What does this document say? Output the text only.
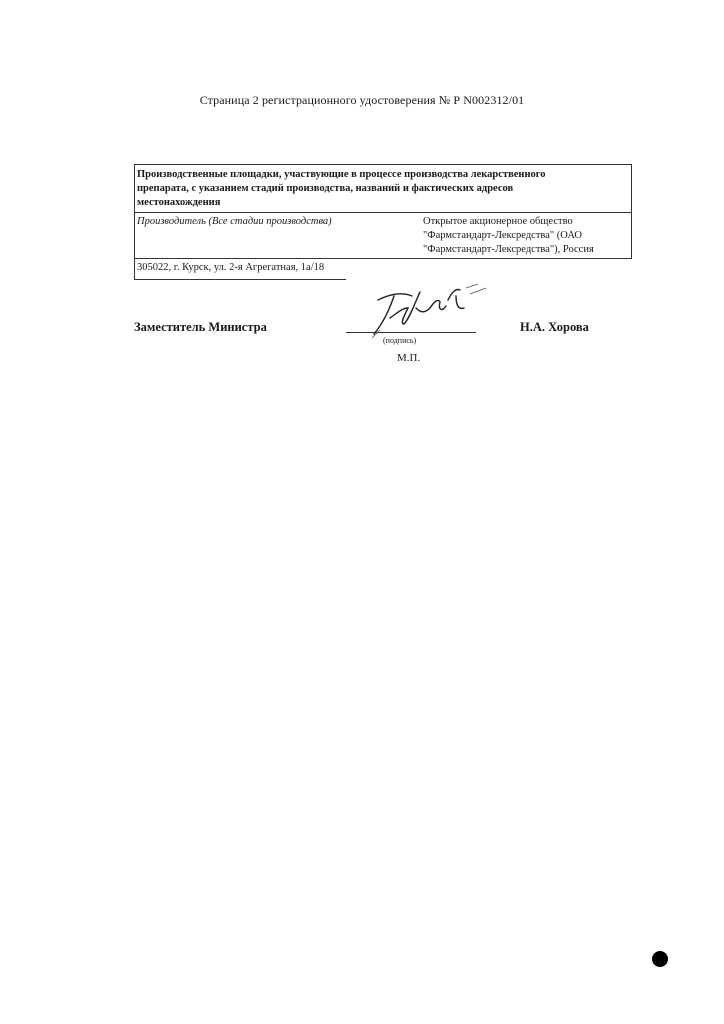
Страница 2 регистрационного удостоверения № Р N002312/01
Производственные площадки, участвующие в процессе производства лекарственного
препарата, с указанием стадий производства, названий и фактических адресов
местонахождения
Производитель (Все стадии производства)	Открытое акционерное общество
"Фармстандарт-Лексредства" (ОАО
"Фармстандарт-Лексредства"), Россия
305022, г. Курск, ул. 2-я Агрегатная, 1а/18
Заместитель Министра
(подпись)
М.П.
Н.А. Хорова
